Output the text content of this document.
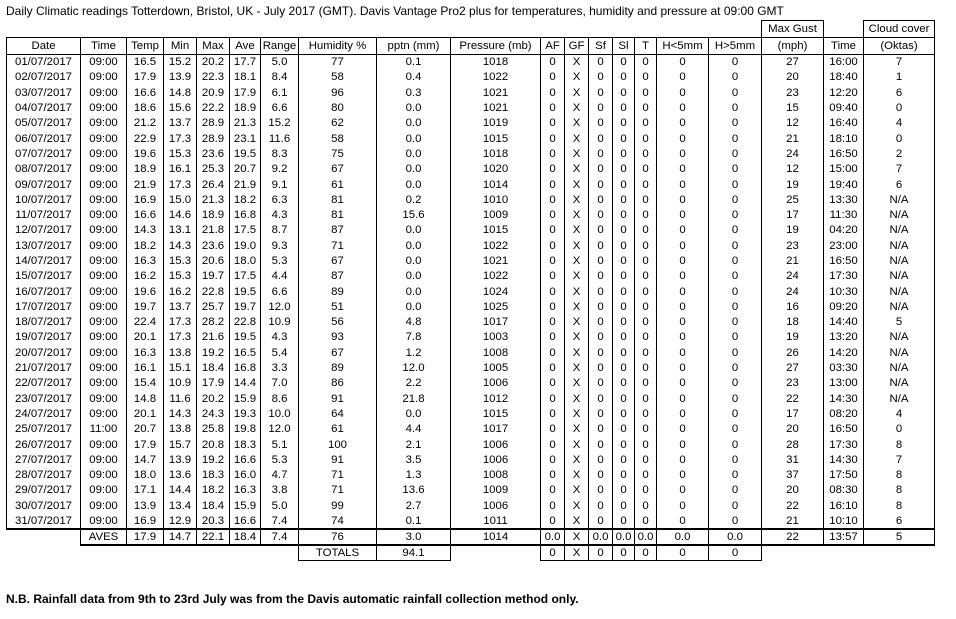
Daily Climatic readings Totterdown, Bristol, UK - July 2017 (GMT). Davis Vantage Pro2 plus for temperatures, humidity and pressure at 09:00 GMT
																	Max Gust		Cloud cover
Date	Time	Temp	Min	Max	Ave	Range	Humidity %	pptn (mm)	Pressure (mb)	AF	GF	Sf	Sl	T	H<5mm	H>5mm	(mph)	Time	(Oktas)
01/07/2017	09:00	16.5	15.2	20.2	17.7	5.0	77	0.1	1018	0	X	0	0	0	0	0	27	16:00	7
02/07/2017	09:00	17.9	13.9	22.3	18.1	8.4	58	0.4	1022	0	X	0	0	0	0	0	20	18:40	1
03/07/2017	09:00	16.6	14.8	20.9	17.9	6.1	96	0.3	1021	0	X	0	0	0	0	0	23	12:20	6
04/07/2017	09:00	18.6	15.6	22.2	18.9	6.6	80	0.0	1021	0	X	0	0	0	0	0	15	09:40	0
05/07/2017	09:00	21.2	13.7	28.9	21.3	15.2	62	0.0	1019	0	X	0	0	0	0	0	12	16:40	4
06/07/2017	09:00	22.9	17.3	28.9	23.1	11.6	58	0.0	1015	0	X	0	0	0	0	0	21	18:10	0
07/07/2017	09:00	19.6	15.3	23.6	19.5	8.3	75	0.0	1018	0	X	0	0	0	0	0	24	16:50	2
08/07/2017	09:00	18.9	16.1	25.3	20.7	9.2	67	0.0	1020	0	X	0	0	0	0	0	12	15:00	7
09/07/2017	09:00	21.9	17.3	26.4	21.9	9.1	61	0.0	1014	0	X	0	0	0	0	0	19	19:40	6
10/07/2017	09:00	16.9	15.0	21.3	18.2	6.3	81	0.2	1010	0	X	0	0	0	0	0	25	13:30	N/A
11/07/2017	09:00	16.6	14.6	18.9	16.8	4.3	81	15.6	1009	0	X	0	0	0	0	0	17	11:30	N/A
12/07/2017	09:00	14.3	13.1	21.8	17.5	8.7	87	0.0	1015	0	X	0	0	0	0	0	19	04:20	N/A
13/07/2017	09:00	18.2	14.3	23.6	19.0	9.3	71	0.0	1022	0	X	0	0	0	0	0	23	23:00	N/A
14/07/2017	09:00	16.3	15.3	20.6	18.0	5.3	67	0.0	1021	0	X	0	0	0	0	0	21	16:50	N/A
15/07/2017	09:00	16.2	15.3	19.7	17.5	4.4	87	0.0	1022	0	X	0	0	0	0	0	24	17:30	N/A
16/07/2017	09:00	19.6	16.2	22.8	19.5	6.6	89	0.0	1024	0	X	0	0	0	0	0	24	10:30	N/A
17/07/2017	09:00	19.7	13.7	25.7	19.7	12.0	51	0.0	1025	0	X	0	0	0	0	0	16	09:20	N/A
18/07/2017	09:00	22.4	17.3	28.2	22.8	10.9	56	4.8	1017	0	X	0	0	0	0	0	18	14:40	5
19/07/2017	09:00	20.1	17.3	21.6	19.5	4.3	93	7.8	1003	0	X	0	0	0	0	0	19	13:20	N/A
20/07/2017	09:00	16.3	13.8	19.2	16.5	5.4	67	1.2	1008	0	X	0	0	0	0	0	26	14:20	N/A
21/07/2017	09:00	16.1	15.1	18.4	16.8	3.3	89	12.0	1005	0	X	0	0	0	0	0	27	03:30	N/A
22/07/2017	09:00	15.4	10.9	17.9	14.4	7.0	86	2.2	1006	0	X	0	0	0	0	0	23	13:00	N/A
23/07/2017	09:00	14.8	11.6	20.2	15.9	8.6	91	21.8	1012	0	X	0	0	0	0	0	22	14:30	N/A
24/07/2017	09:00	20.1	14.3	24.3	19.3	10.0	64	0.0	1015	0	X	0	0	0	0	0	17	08:20	4
25/07/2017	11:00	20.7	13.8	25.8	19.8	12.0	61	4.4	1017	0	X	0	0	0	0	0	20	16:50	0
26/07/2017	09:00	17.9	15.7	20.8	18.3	5.1	100	2.1	1006	0	X	0	0	0	0	0	28	17:30	8
27/07/2017	09:00	14.7	13.9	19.2	16.6	5.3	91	3.5	1006	0	X	0	0	0	0	0	31	14:30	7
28/07/2017	09:00	18.0	13.6	18.3	16.0	4.7	71	1.3	1008	0	X	0	0	0	0	0	37	17:50	8
29/07/2017	09:00	17.1	14.4	18.2	16.3	3.8	71	13.6	1009	0	X	0	0	0	0	0	20	08:30	8
30/07/2017	09:00	13.9	13.4	18.4	15.9	5.0	99	2.7	1006	0	X	0	0	0	0	0	22	16:10	8
31/07/2017	09:00	16.9	12.9	20.3	16.6	7.4	74	0.1	1011	0	X	0	0	0	0	0	21	10:10	6
	AVES	17.9	14.7	22.1	18.4	7.4	76	3.0	1014	0.0	X	0.0	0.0	0.0	0.0	0.0	22	13:57	5
							TOTALS	94.1		0	X	0	0	0	0	0			
N.B. Rainfall data from 9th to 23rd July was from the Davis automatic rainfall collection method only.
